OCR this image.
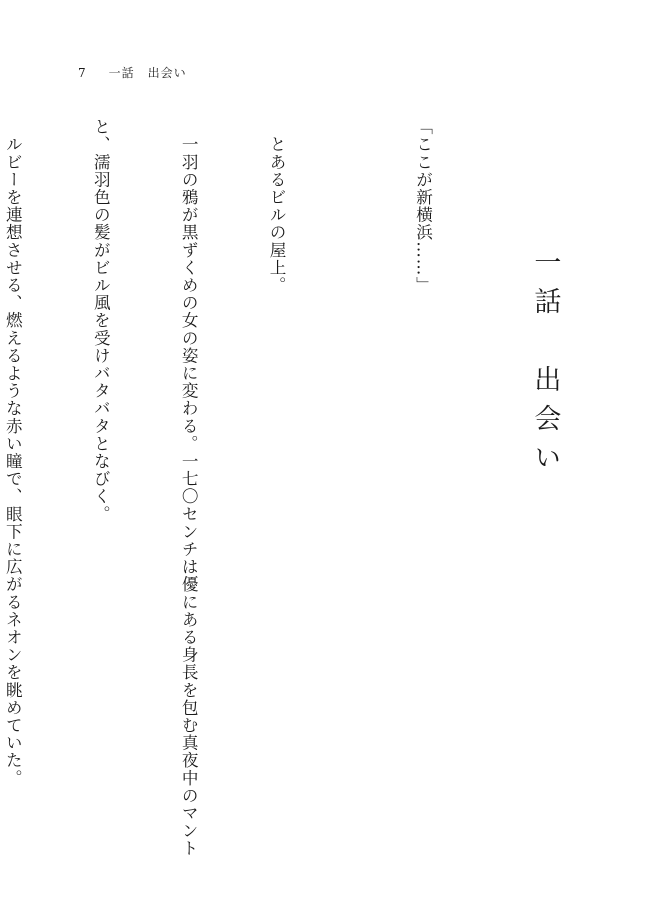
7 一話　出会い

一話　出会い

「ここが新横浜……」

　とあるビルの屋上。

　一羽の鴉が黒ずくめの女の姿に変わる。一七〇センチは優にある身長を包む真夜中のマント

と、濡羽色の髪がビル風を受けバタバタとなびく。

　ルビーを連想させる、燃えるような赤い瞳で、眼下に広がるネオンを眺めていた。
